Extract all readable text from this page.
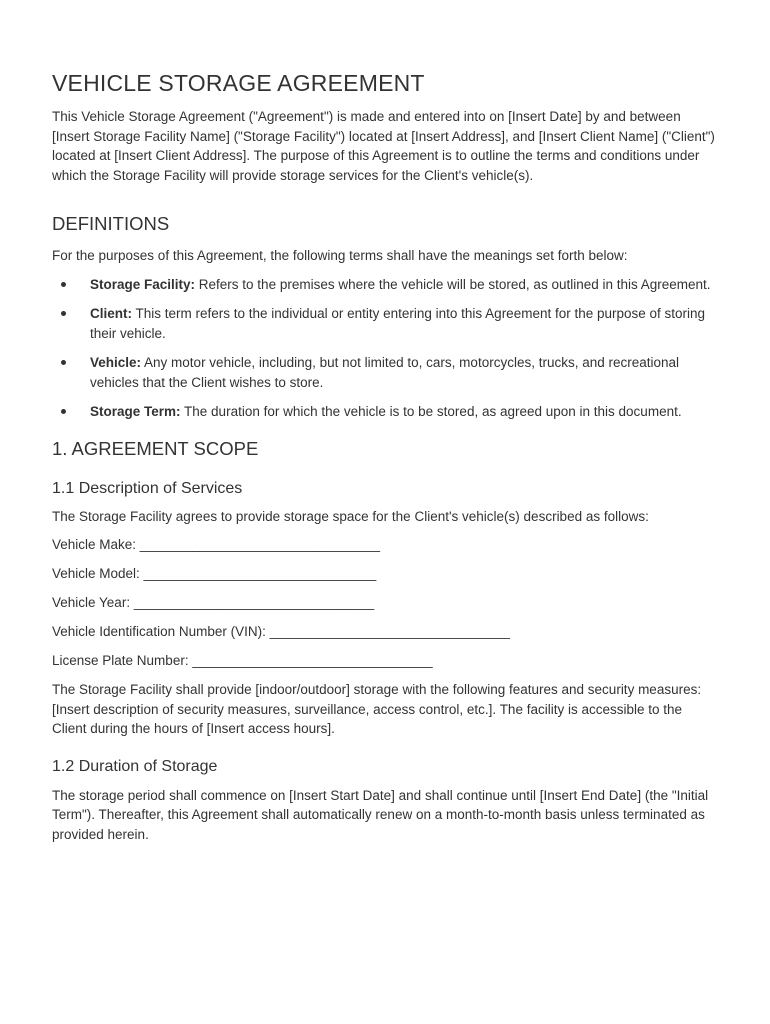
VEHICLE STORAGE AGREEMENT

This Vehicle Storage Agreement ("Agreement") is made and entered into on [Insert Date] by and between [Insert Storage Facility Name] ("Storage Facility") located at [Insert Address], and [Insert Client Name] ("Client") located at [Insert Client Address]. The purpose of this Agreement is to outline the terms and conditions under which the Storage Facility will provide storage services for the Client's vehicle(s).

DEFINITIONS

For the purposes of this Agreement, the following terms shall have the meanings set forth below:

Storage Facility: Refers to the premises where the vehicle will be stored, as outlined in this Agreement.
Client: This term refers to the individual or entity entering into this Agreement for the purpose of storing their vehicle.
Vehicle: Any motor vehicle, including, but not limited to, cars, motorcycles, trucks, and recreational vehicles that the Client wishes to store.
Storage Term: The duration for which the vehicle is to be stored, as agreed upon in this document.
1. AGREEMENT SCOPE
1.1 Description of Services

The Storage Facility agrees to provide storage space for the Client's vehicle(s) described as follows:

Vehicle Make: ________________________________
Vehicle Model: _______________________________
Vehicle Year: ________________________________
Vehicle Identification Number (VIN): ________________________________
License Plate Number: ________________________________

The Storage Facility shall provide [indoor/outdoor] storage with the following features and security measures: [Insert description of security measures, surveillance, access control, etc.]. The facility is accessible to the Client during the hours of [Insert access hours].

1.2 Duration of Storage

The storage period shall commence on [Insert Start Date] and shall continue until [Insert End Date] (the "Initial Term"). Thereafter, this Agreement shall automatically renew on a month-to-month basis unless terminated as provided herein.
